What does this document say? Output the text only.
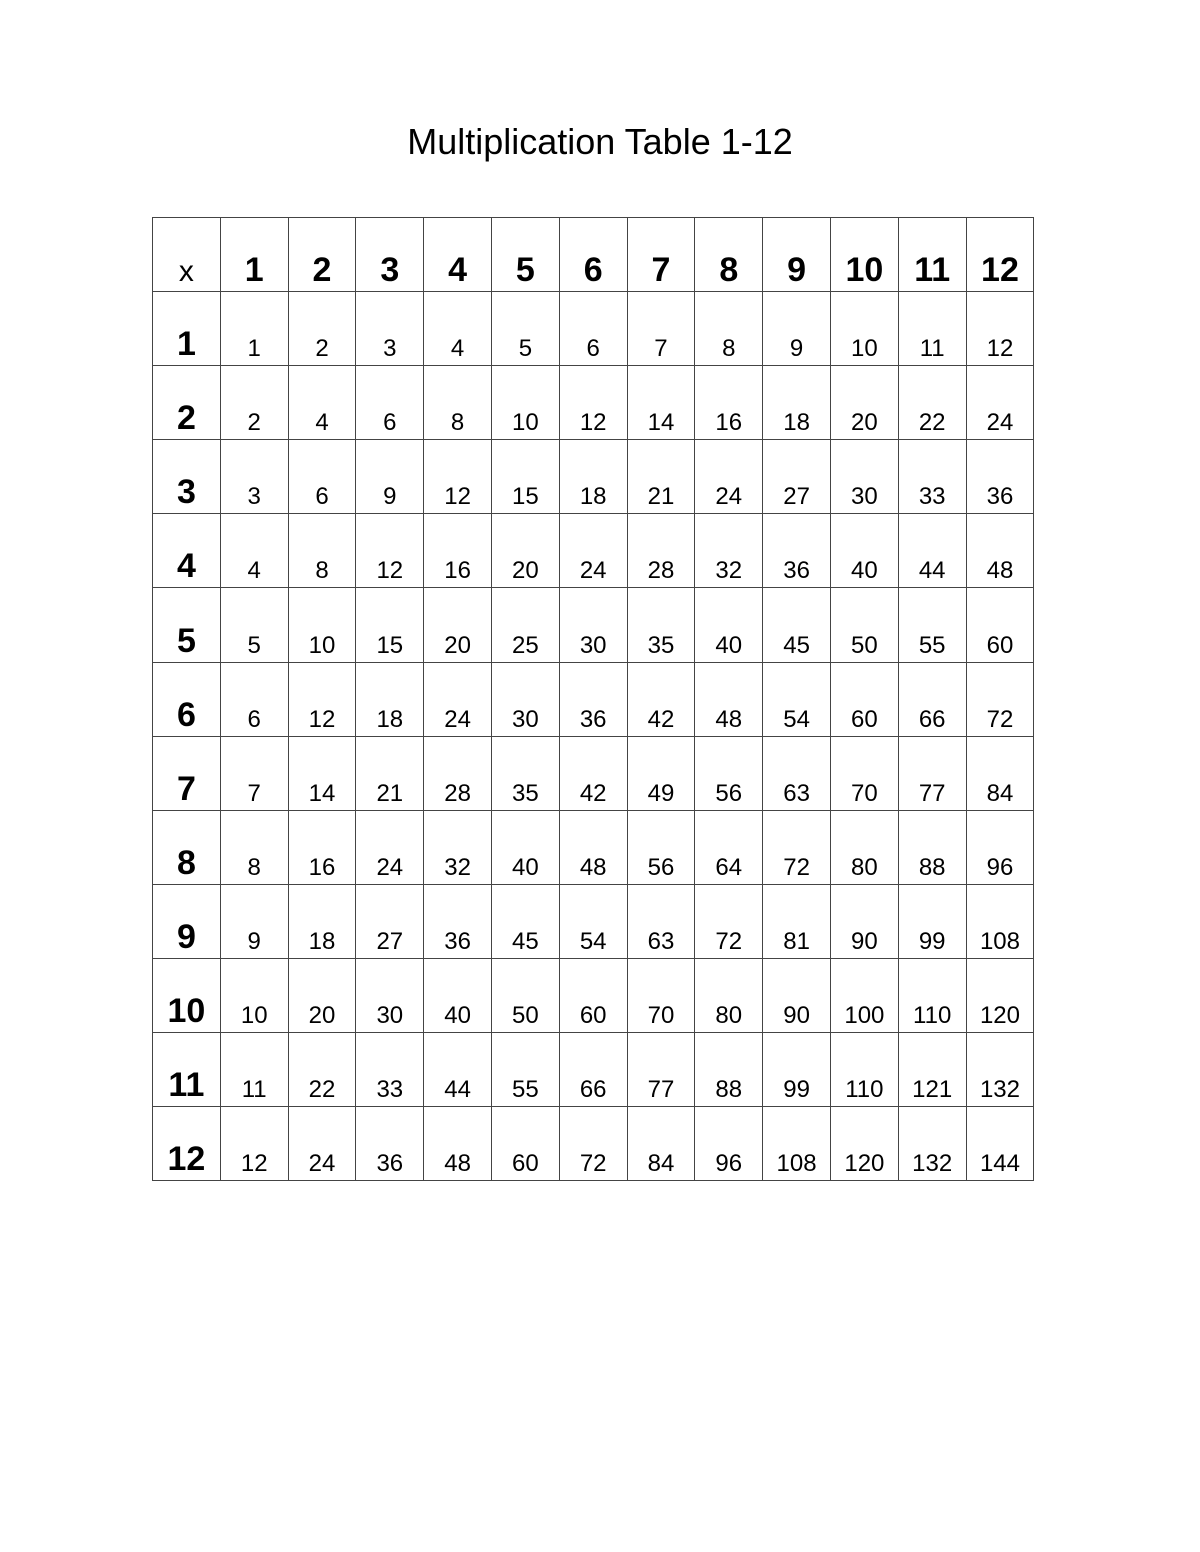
Multiplication Table 1-12
x	1	2	3	4	5	6	7	8	9	10	11	12
1	1	2	3	4	5	6	7	8	9	10	11	12
2	2	4	6	8	10	12	14	16	18	20	22	24
3	3	6	9	12	15	18	21	24	27	30	33	36
4	4	8	12	16	20	24	28	32	36	40	44	48
5	5	10	15	20	25	30	35	40	45	50	55	60
6	6	12	18	24	30	36	42	48	54	60	66	72
7	7	14	21	28	35	42	49	56	63	70	77	84
8	8	16	24	32	40	48	56	64	72	80	88	96
9	9	18	27	36	45	54	63	72	81	90	99	108
10	10	20	30	40	50	60	70	80	90	100	110	120
11	11	22	33	44	55	66	77	88	99	110	121	132
12	12	24	36	48	60	72	84	96	108	120	132	144
